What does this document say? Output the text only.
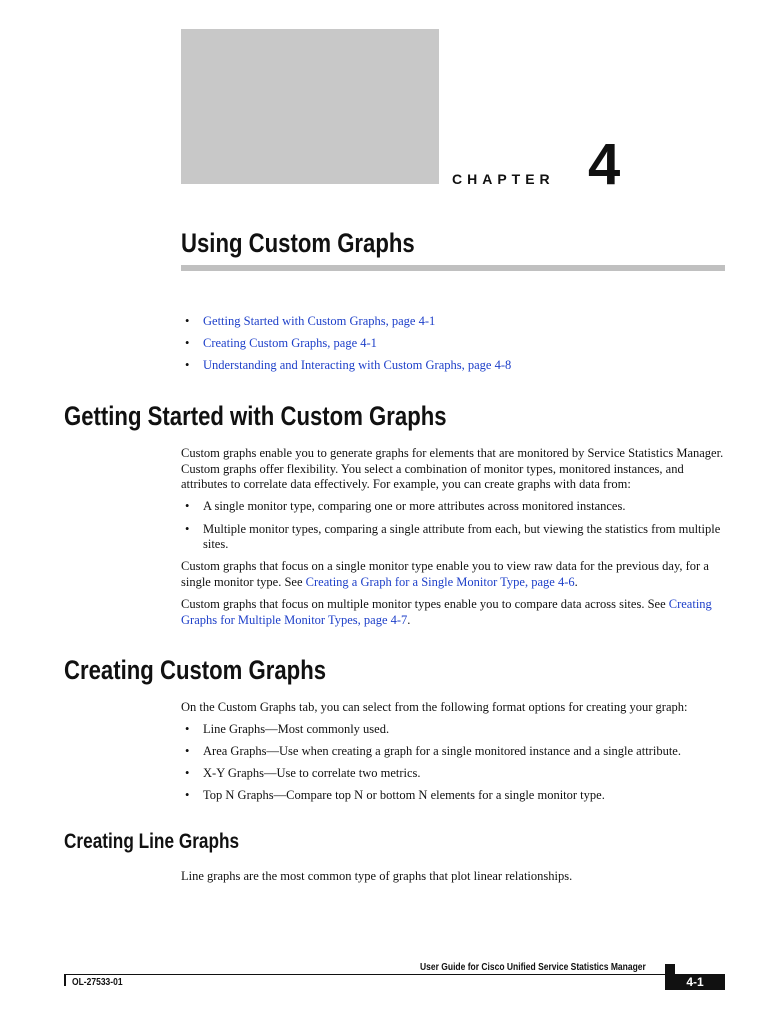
CHAPTER 4
Using Custom Graphs
• Getting Started with Custom Graphs, page 4-1
• Creating Custom Graphs, page 4-1
• Understanding and Interacting with Custom Graphs, page 4-8
Getting Started with Custom Graphs
Custom graphs enable you to generate graphs for elements that are monitored by Service Statistics Manager. Custom graphs offer flexibility. You select a combination of monitor types, monitored instances, and attributes to correlate data effectively. For example, you can create graphs with data from:
• A single monitor type, comparing one or more attributes across monitored instances.
• Multiple monitor types, comparing a single attribute from each, but viewing the statistics from multiple sites.
Custom graphs that focus on a single monitor type enable you to view raw data for the previous day, for a single monitor type. See Creating a Graph for a Single Monitor Type, page 4-6.
Custom graphs that focus on multiple monitor types enable you to compare data across sites. See Creating Graphs for Multiple Monitor Types, page 4-7.
Creating Custom Graphs
On the Custom Graphs tab, you can select from the following format options for creating your graph:
• Line Graphs—Most commonly used.
• Area Graphs—Use when creating a graph for a single monitored instance and a single attribute.
• X-Y Graphs—Use to correlate two metrics.
• Top N Graphs—Compare top N or bottom N elements for a single monitor type.
Creating Line Graphs
Line graphs are the most common type of graphs that plot linear relationships.
User Guide for Cisco Unified Service Statistics Manager
OL-27533-01	4-1
